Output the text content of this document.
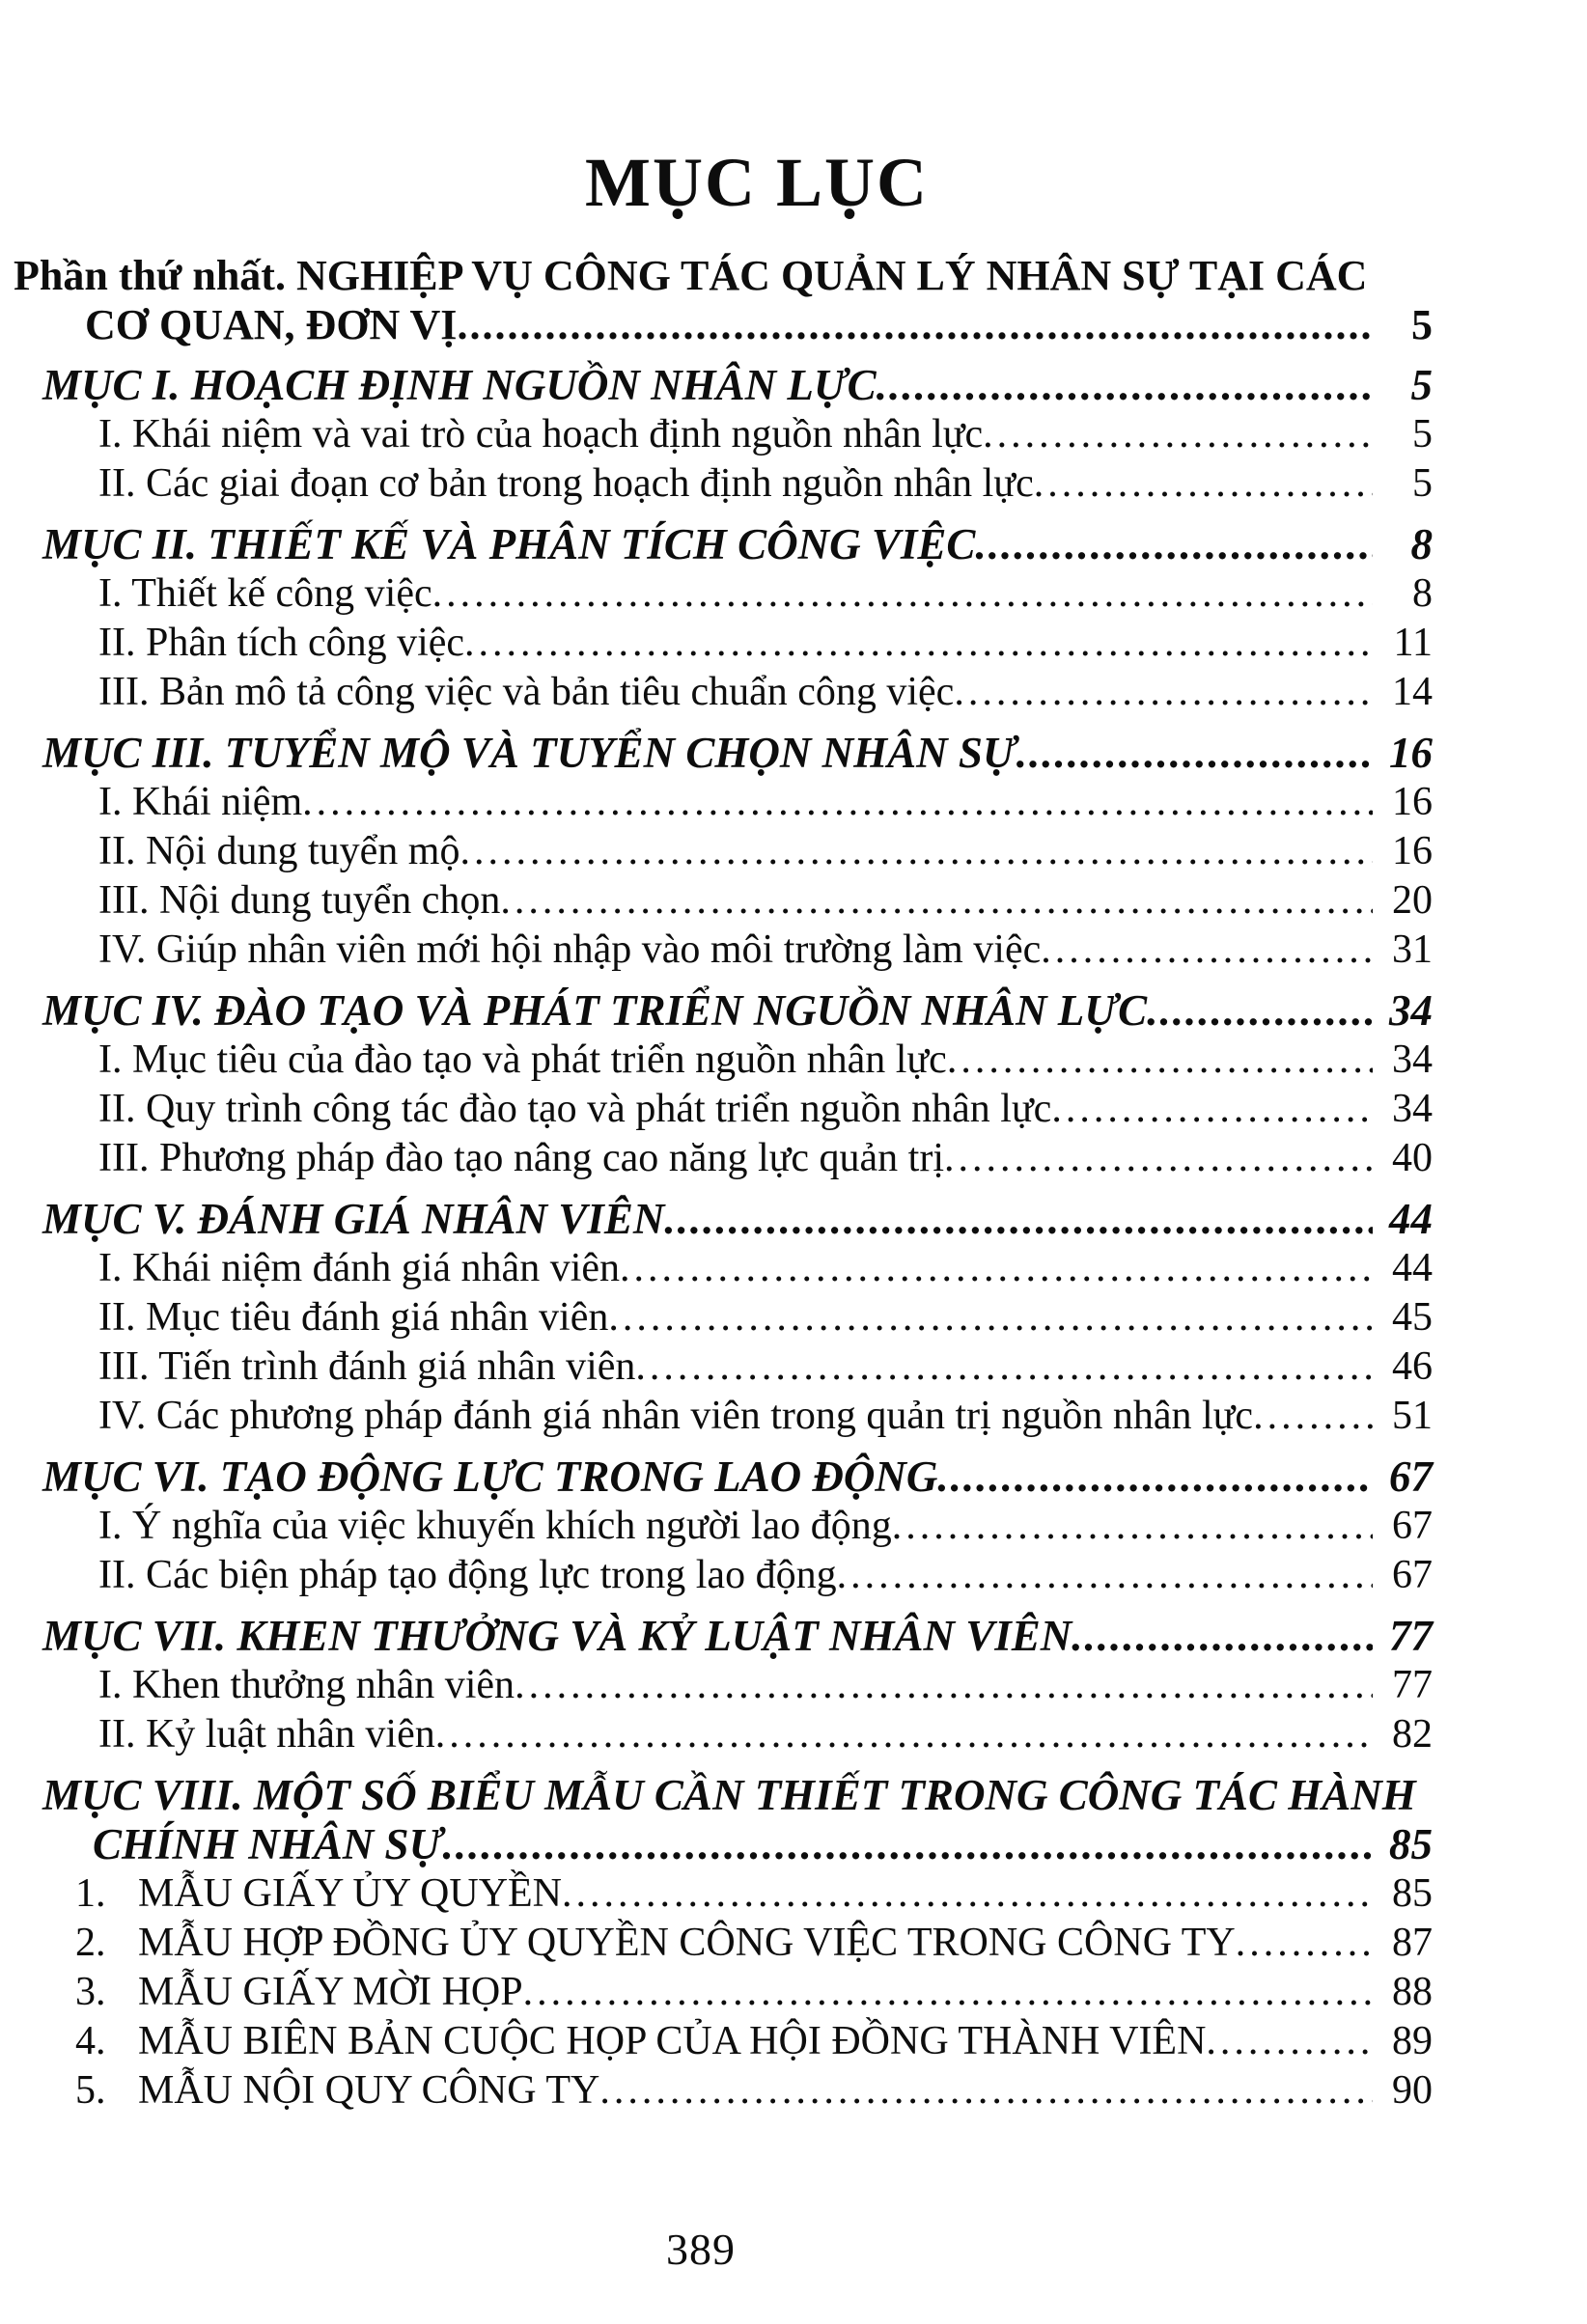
MỤC LỤC
Phần thứ nhất. NGHIỆP VỤ CÔNG TÁC QUẢN LÝ NHÂN SỰ TẠI CÁC
CƠ QUAN, ĐƠN VỊ .....	5
MỤC I. HOẠCH ĐỊNH NGUỒN NHÂN LỰC .....	5
I. Khái niệm và vai trò của hoạch định nguồn nhân lực .....	5
II. Các giai đoạn cơ bản trong hoạch định nguồn nhân lực .....	5
MỤC II. THIẾT KẾ VÀ PHÂN TÍCH CÔNG VIỆC .....	8
I. Thiết kế công việc .....	8
II. Phân tích công việc .....	11
III. Bản mô tả công việc và bản tiêu chuẩn công việc .....	14
MỤC III. TUYỂN MỘ VÀ TUYỂN CHỌN NHÂN SỰ .....	16
I. Khái niệm .....	16
II. Nội dung tuyển mộ .....	16
III. Nội dung tuyển chọn .....	20
IV. Giúp nhân viên mới hội nhập vào môi trường làm việc .....	31
MỤC IV. ĐÀO TẠO VÀ PHÁT TRIỂN NGUỒN NHÂN LỰC .....	34
I. Mục tiêu của đào tạo và phát triển nguồn nhân lực .....	34
II. Quy trình công tác đào tạo và phát triển nguồn nhân lực .....	34
III. Phương pháp đào tạo nâng cao năng lực quản trị .....	40
MỤC V. ĐÁNH GIÁ NHÂN VIÊN .....	44
I. Khái niệm đánh giá nhân viên .....	44
II. Mục tiêu đánh giá nhân viên .....	45
III. Tiến trình đánh giá nhân viên .....	46
IV. Các phương pháp đánh giá nhân viên trong quản trị nguồn nhân lực .....	51
MỤC VI. TẠO ĐỘNG LỰC TRONG LAO ĐỘNG .....	67
I. Ý nghĩa của việc khuyến khích người lao động .....	67
II. Các biện pháp tạo động lực trong lao động .....	67
MỤC VII. KHEN THƯỞNG VÀ KỶ LUẬT NHÂN VIÊN .....	77
I. Khen thưởng nhân viên .....	77
II. Kỷ luật nhân viên .....	82
MỤC VIII. MỘT SỐ BIỂU MẪU CẦN THIẾT TRONG CÔNG TÁC HÀNH
CHÍNH NHÂN SỰ .....	85
1. MẪU GIẤY ỦY QUYỀN .....	85
2. MẪU HỢP ĐỒNG ỦY QUYỀN CÔNG VIỆC TRONG CÔNG TY .....	87
3. MẪU GIẤY MỜI HỌP .....	88
4. MẪU BIÊN BẢN CUỘC HỌP CỦA HỘI ĐỒNG THÀNH VIÊN .....	89
5. MẪU NỘI QUY CÔNG TY .....	90
389
